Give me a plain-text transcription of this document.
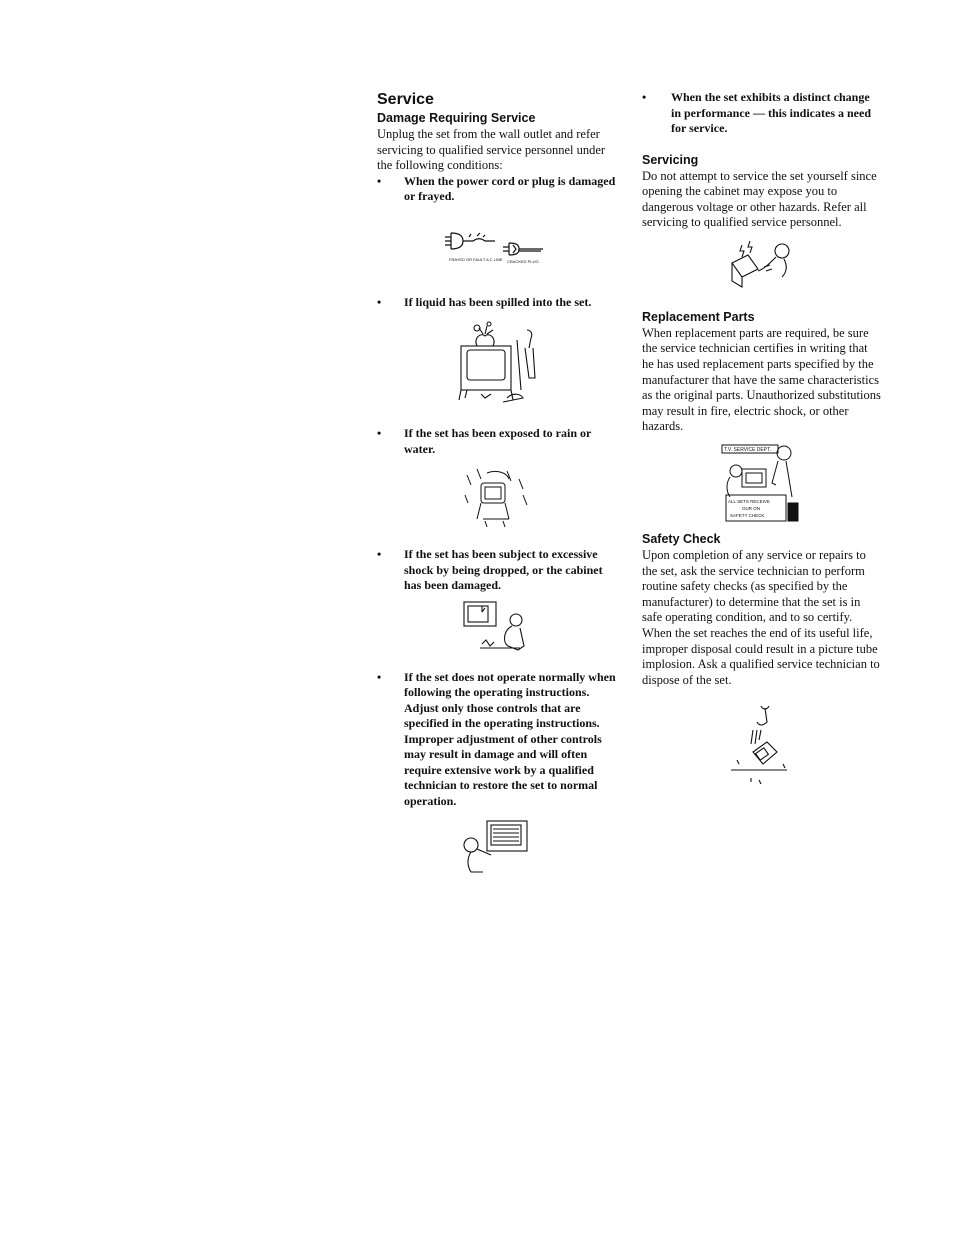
Service
Damage Requiring Service

Unplug the set from the wall outlet and refer servicing to qualified service personnel under the following conditions:

• When the power cord or plug is damaged or frayed.

FRAYED OR FAULT A C LINE CRACKED PLUG

• If liquid has been spilled into the set.

• If the set has been exposed to rain or water.

• If the set has been subject to excessive shock by being dropped, or the cabinet has been damaged.

• If the set does not operate normally when following the operating instructions. Adjust only those controls that are specified in the operating instructions. Improper adjustment of other controls may result in damage and will often require extensive work by a qualified technician to restore the set to normal operation.

• When the set exhibits a distinct change in performance — this indicates a need for service.

Servicing

Do not attempt to service the set yourself since opening the cabinet may expose you to dangerous voltage or other hazards. Refer all servicing to qualified service personnel.

Replacement Parts

When replacement parts are required, be sure the service technician certifies in writing that he has used replacement parts specified by the manufacturer that have the same characteristics as the original parts. Unauthorized substitutions may result in fire, electric shock, or other hazards.

T.V. SERVICE DEPT.
ALL SETS RECEIVE
OUR ON
SAFETY CHECK
Safety Check

Upon completion of any service or repairs to the set, ask the service technician to perform routine safety checks (as specified by the manufacturer) to determine that the set is in safe operating condition, and to so certify. When the set reaches the end of its useful life, improper disposal could result in a picture tube implosion. Ask a qualified service technician to dispose of the set.
